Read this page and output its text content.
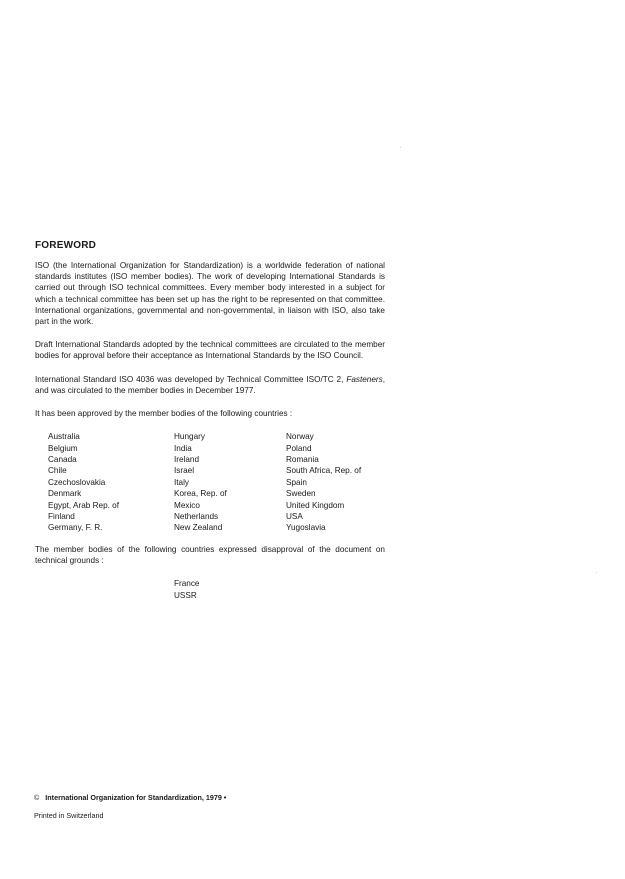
FOREWORD

ISO (the International Organization for Standardization) is a worldwide federation of national standards institutes (ISO member bodies). The work of developing International Standards is carried out through ISO technical committees. Every member body interested in a subject for which a technical committee has been set up has the right to be represented on that committee. International organizations, governmental and non-governmental, in liaison with ISO, also take part in the work.

Draft International Standards adopted by the technical committees are circulated to the member bodies for approval before their acceptance as International Standards by the ISO Council.

International Standard ISO 4036 was developed by Technical Committee ISO/TC 2, Fasteners, and was circulated to the member bodies in December 1977.

It has been approved by the member bodies of the following countries :

Australia
Belgium
Canada
Chile
Czechoslovakia
Denmark
Egypt, Arab Rep. of
Finland
Germany, F. R.
Hungary
India
Ireland
Israel
Italy
Korea, Rep. of
Mexico
Netherlands
New Zealand
Norway
Poland
Romania
South Africa, Rep. of
Spain
Sweden
United Kingdom
USA
Yugoslavia

The member bodies of the following countries expressed disapproval of the document on technical grounds :

France
USSR
© International Organization for Standardization, 1979 •
Printed in Switzerland
